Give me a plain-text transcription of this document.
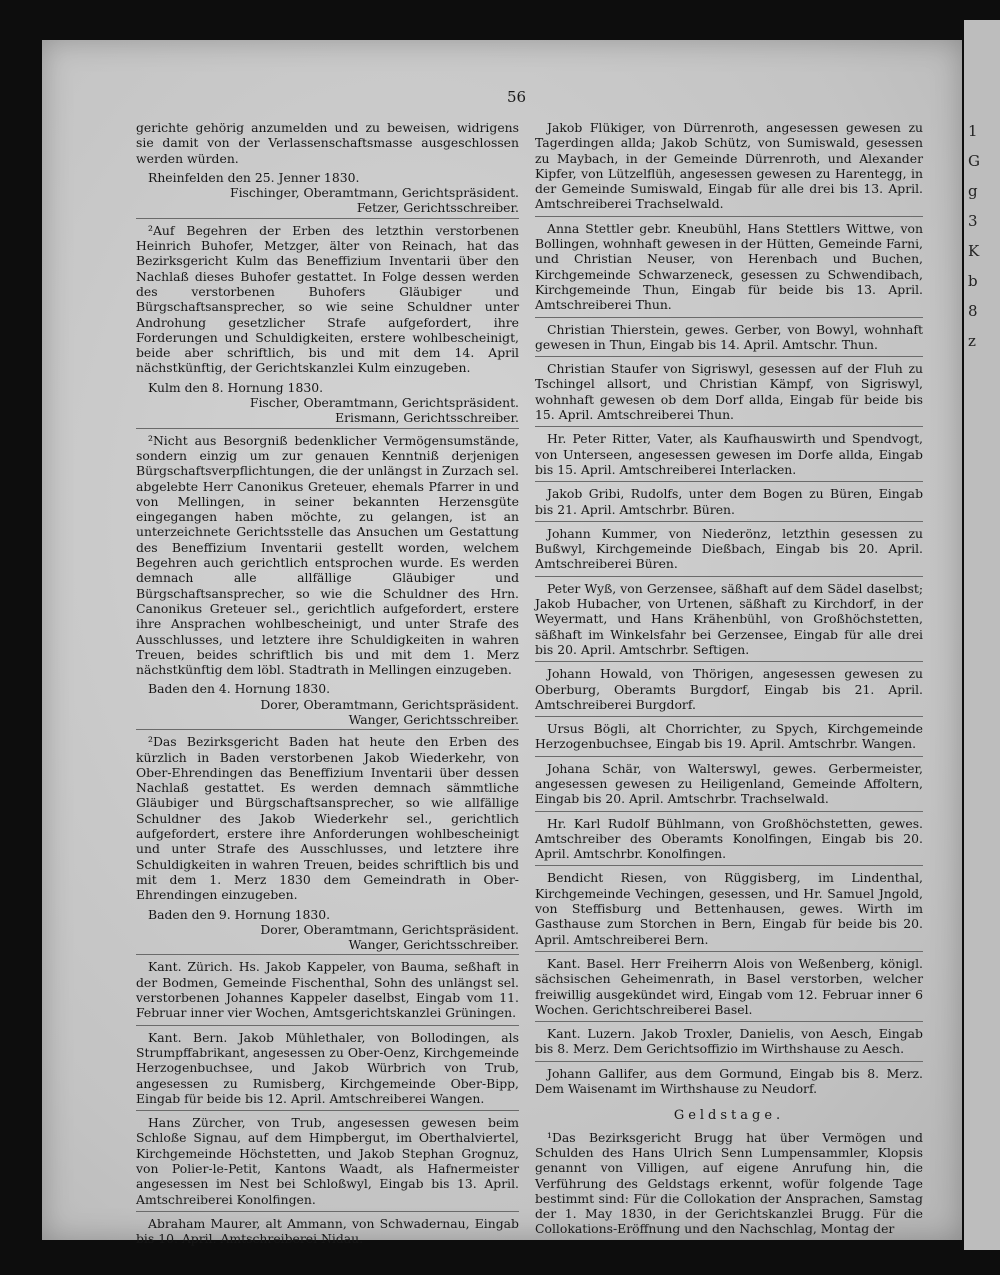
1
G
g
3
K
b
8
z
56

gerichte gehörig anzumelden und zu beweisen, widrigens sie damit von der Verlassenschaftsmasse ausgeschlossen werden würden.

Rheinfelden den 25. Jenner 1830.

Fischinger, Oberamtmann, Gerichtspräsident.

Fetzer, Gerichtsschreiber.

²Auf Begehren der Erben des letzthin verstorbenen Heinrich Buhofer, Metzger, älter von Reinach, hat das Bezirksgericht Kulm das Beneffizium Inventarii über den Nachlaß dieses Buhofer gestattet. In Folge dessen werden des verstorbenen Buhofers Gläubiger und Bürgschaftsansprecher, so wie seine Schuldner unter Androhung gesetzlicher Strafe aufgefordert, ihre Forderungen und Schuldigkeiten, erstere wohlbescheinigt, beide aber schriftlich, bis und mit dem 14. April nächstkünftig, der Gerichtskanzlei Kulm einzugeben.

Kulm den 8. Hornung 1830.

Fischer, Oberamtmann, Gerichtspräsident.

Erismann, Gerichtsschreiber.

²Nicht aus Besorgniß bedenklicher Vermögensumstände, sondern einzig um zur genauen Kenntniß derjenigen Bürgschaftsverpflichtungen, die der unlängst in Zurzach sel. abgelebte Herr Canonikus Greteuer, ehemals Pfarrer in und von Mellingen, in seiner bekannten Herzensgüte eingegangen haben möchte, zu gelangen, ist an unterzeichnete Gerichtsstelle das Ansuchen um Gestattung des Beneffizium Inventarii gestellt worden, welchem Begehren auch gerichtlich entsprochen wurde. Es werden demnach alle allfällige Gläubiger und Bürgschaftsansprecher, so wie die Schuldner des Hrn. Canonikus Greteuer sel., gerichtlich aufgefordert, erstere ihre Ansprachen wohlbescheinigt, und unter Strafe des Ausschlusses, und letztere ihre Schuldigkeiten in wahren Treuen, beides schriftlich bis und mit dem 1. Merz nächstkünftig dem löbl. Stadtrath in Mellingen einzugeben.

Baden den 4. Hornung 1830.

Dorer, Oberamtmann, Gerichtspräsident.

Wanger, Gerichtsschreiber.

²Das Bezirksgericht Baden hat heute den Erben des kürzlich in Baden verstorbenen Jakob Wiederkehr, von Ober-Ehrendingen das Beneffizium Inventarii über dessen Nachlaß gestattet. Es werden demnach sämmtliche Gläubiger und Bürgschaftsansprecher, so wie allfällige Schuldner des Jakob Wiederkehr sel., gerichtlich aufgefordert, erstere ihre Anforderungen wohlbescheinigt und unter Strafe des Ausschlusses, und letztere ihre Schuldigkeiten in wahren Treuen, beides schriftlich bis und mit dem 1. Merz 1830 dem Gemeindrath in Ober-Ehrendingen einzugeben.

Baden den 9. Hornung 1830.

Dorer, Oberamtmann, Gerichtspräsident.

Wanger, Gerichtsschreiber.

Kant. Zürich. Hs. Jakob Kappeler, von Bauma, seßhaft in der Bodmen, Gemeinde Fischenthal, Sohn des unlängst sel. verstorbenen Johannes Kappeler daselbst, Eingab vom 11. Februar inner vier Wochen, Amtsgerichtskanzlei Grüningen.

Kant. Bern. Jakob Mühlethaler, von Bollodingen, als Strumpffabrikant, angesessen zu Ober-Oenz, Kirchgemeinde Herzogenbuchsee, und Jakob Würbrich von Trub, angesessen zu Rumisberg, Kirchgemeinde Ober-Bipp, Eingab für beide bis 12. April. Amtschreiberei Wangen.

Hans Zürcher, von Trub, angesessen gewesen beim Schloße Signau, auf dem Himpbergut, im Oberthalviertel, Kirchgemeinde Höchstetten, und Jakob Stephan Grognuz, von Polier-le-Petit, Kantons Waadt, als Hafnermeister angesessen im Nest bei Schloßwyl, Eingab bis 13. April. Amtschreiberei Konolfingen.

Abraham Maurer, alt Ammann, von Schwadernau, Eingab bis 10. April. Amtschreiberei Nidau.

Jakob Flükiger, von Dürrenroth, angesessen gewesen zu Tagerdingen allda; Jakob Schütz, von Sumiswald, gesessen zu Maybach, in der Gemeinde Dürrenroth, und Alexander Kipfer, von Lützelflüh, angesessen gewesen zu Harentegg, in der Gemeinde Sumiswald, Eingab für alle drei bis 13. April. Amtschreiberei Trachselwald.

Anna Stettler gebr. Kneubühl, Hans Stettlers Wittwe, von Bollingen, wohnhaft gewesen in der Hütten, Gemeinde Farni, und Christian Neuser, von Herenbach und Buchen, Kirchgemeinde Schwarzeneck, gesessen zu Schwendibach, Kirchgemeinde Thun, Eingab für beide bis 13. April. Amtschreiberei Thun.

Christian Thierstein, gewes. Gerber, von Bowyl, wohnhaft gewesen in Thun, Eingab bis 14. April. Amtschr. Thun.

Christian Staufer von Sigriswyl, gesessen auf der Fluh zu Tschingel allsort, und Christian Kämpf, von Sigriswyl, wohnhaft gewesen ob dem Dorf allda, Eingab für beide bis 15. April. Amtschreiberei Thun.

Hr. Peter Ritter, Vater, als Kaufhauswirth und Spendvogt, von Unterseen, angesessen gewesen im Dorfe allda, Eingab bis 15. April. Amtschreiberei Interlacken.

Jakob Gribi, Rudolfs, unter dem Bogen zu Büren, Eingab bis 21. April. Amtschrbr. Büren.

Johann Kummer, von Niederönz, letzthin gesessen zu Bußwyl, Kirchgemeinde Dießbach, Eingab bis 20. April. Amtschreiberei Büren.

Peter Wyß, von Gerzensee, säßhaft auf dem Sädel daselbst; Jakob Hubacher, von Urtenen, säßhaft zu Kirchdorf, in der Weyermatt, und Hans Krähenbühl, von Großhöchstetten, säßhaft im Winkelsfahr bei Gerzensee, Eingab für alle drei bis 20. April. Amtschrbr. Seftigen.

Johann Howald, von Thörigen, angesessen gewesen zu Oberburg, Oberamts Burgdorf, Eingab bis 21. April. Amtschreiberei Burgdorf.

Ursus Bögli, alt Chorrichter, zu Spych, Kirchgemeinde Herzogenbuchsee, Eingab bis 19. April. Amtschrbr. Wangen.

Johana Schär, von Walterswyl, gewes. Gerbermeister, angesessen gewesen zu Heiligenland, Gemeinde Affoltern, Eingab bis 20. April. Amtschrbr. Trachselwald.

Hr. Karl Rudolf Bühlmann, von Großhöchstetten, gewes. Amtschreiber des Oberamts Konolfingen, Eingab bis 20. April. Amtschrbr. Konolfingen.

Bendicht Riesen, von Rüggisberg, im Lindenthal, Kirchgemeinde Vechingen, gesessen, und Hr. Samuel Jngold, von Steffisburg und Bettenhausen, gewes. Wirth im Gasthause zum Storchen in Bern, Eingab für beide bis 20. April. Amtschreiberei Bern.

Kant. Basel. Herr Freiherrn Alois von Weßenberg, königl. sächsischen Geheimenrath, in Basel verstorben, welcher freiwillig ausgekündet wird, Eingab vom 12. Februar inner 6 Wochen. Gerichtschreiberei Basel.

Kant. Luzern. Jakob Troxler, Danielis, von Aesch, Eingab bis 8. Merz. Dem Gerichtsoffizio im Wirthshause zu Aesch.

Johann Gallifer, aus dem Gormund, Eingab bis 8. Merz. Dem Waisenamt im Wirthshause zu Neudorf.

Geldstage.

¹Das Bezirksgericht Brugg hat über Vermögen und Schulden des Hans Ulrich Senn Lumpensammler, Klopsis genannt von Villigen, auf eigene Anrufung hin, die Verführung des Geldstags erkennt, wofür folgende Tage bestimmt sind: Für die Collokation der Ansprachen, Samstag der 1. May 1830, in der Gerichtskanzlei Brugg. Für die Collokations-Eröffnung und den Nachschlag, Montag der
